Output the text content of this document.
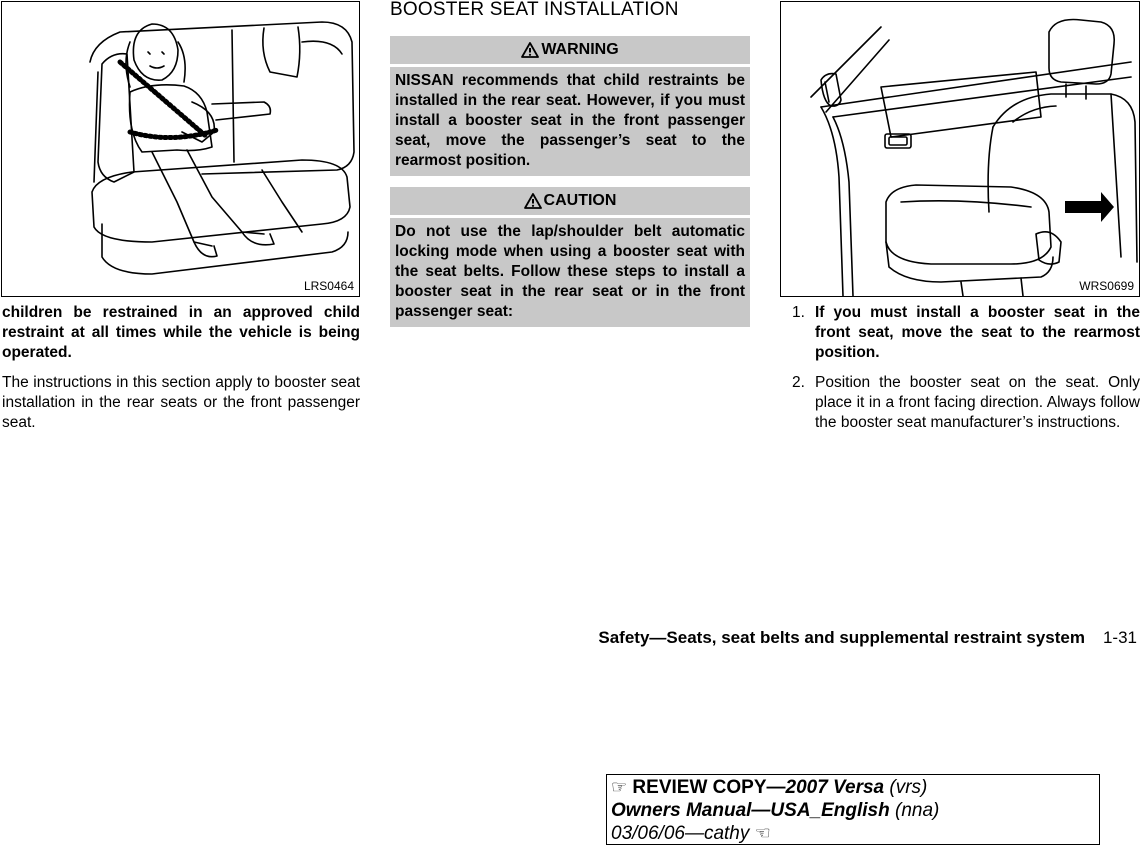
LRS0464

children be restrained in an approved child restraint at all times while the vehicle is being operated.

The instructions in this section apply to booster seat installation in the rear seats or the front passenger seat.

BOOSTER SEAT INSTALLATION
WARNING
NISSAN recommends that child restraints be installed in the rear seat. However, if you must install a booster seat in the front passenger seat, move the passenger’s seat to the rearmost position.
CAUTION
Do not use the lap/shoulder belt automatic locking mode when using a booster seat with the seat belts. Follow these steps to install a booster seat in the rear seat or in the front passenger seat:
WRS0699
1. If you must install a booster seat in the front seat, move the seat to the rearmost position.
2. Position the booster seat on the seat. Only place it in a front facing direction. Always follow the booster seat manufacturer’s instructions.
Safety—Seats, seat belts and supplemental restraint system 1-31
☞ REVIEW COPY—2007 Versa (vrs)
Owners Manual—USA_English (nna)
03/06/06—cathy ☜
